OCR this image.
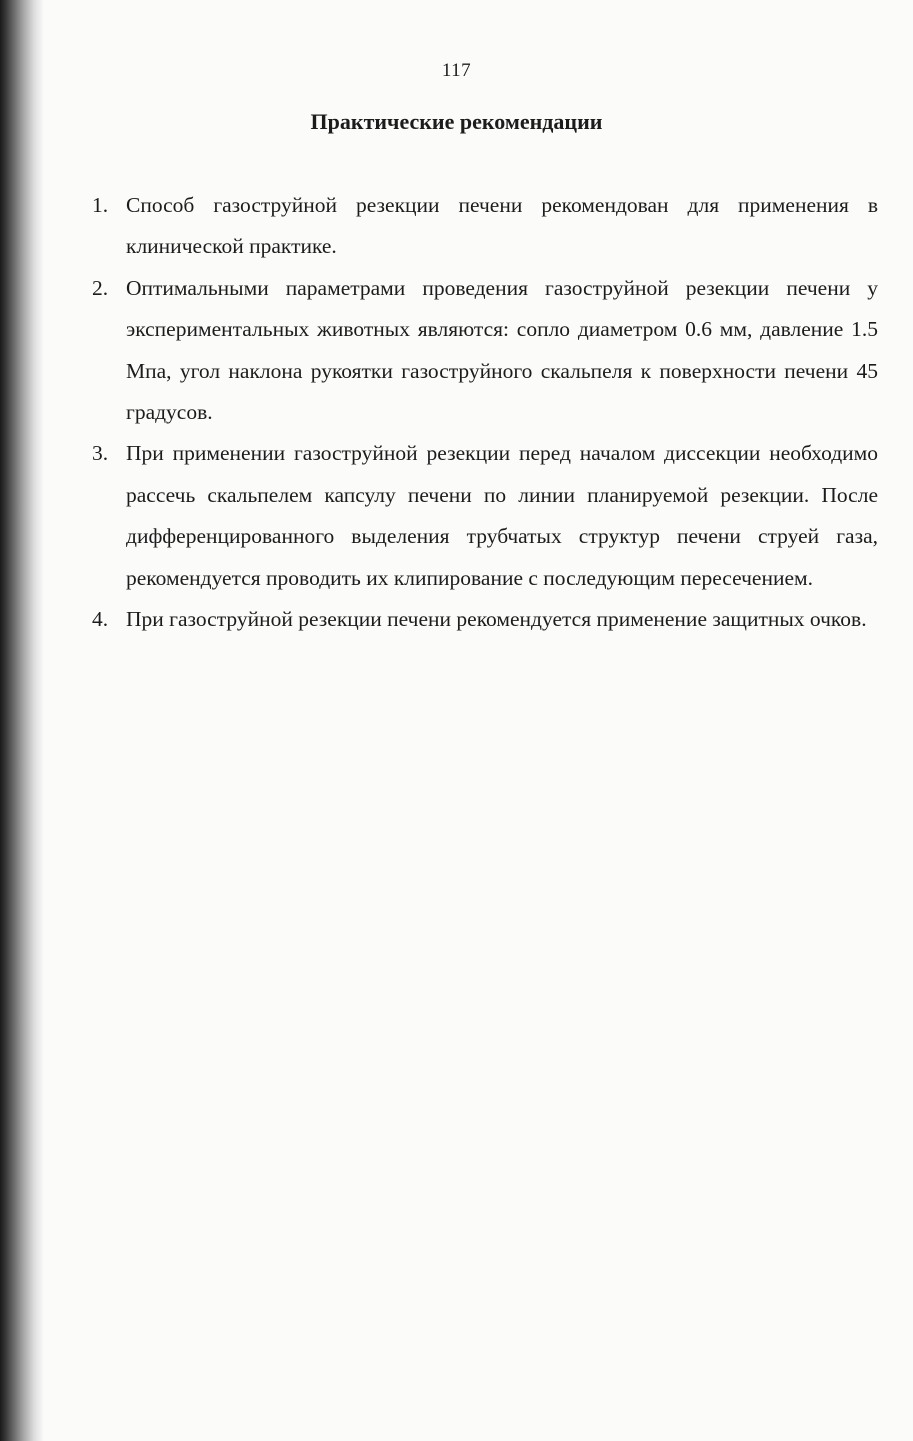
117
Практические рекомендации
1. Способ газоструйной резекции печени рекомендован для применения в клинической практике.
2. Оптимальными параметрами проведения газоструйной резекции печени у экспериментальных животных являются: сопло диаметром 0.6 мм, давление 1.5 Мпа, угол наклона рукоятки газоструйного скальпеля к поверхности печени 45 градусов.
3. При применении газоструйной резекции перед началом диссекции необходимо рассечь скальпелем капсулу печени по линии планируемой резекции. После дифференцированного выделения трубчатых структур печени струей газа, рекомендуется проводить их клипирование с последующим пересечением.
4. При газоструйной резекции печени рекомендуется применение защитных очков.
